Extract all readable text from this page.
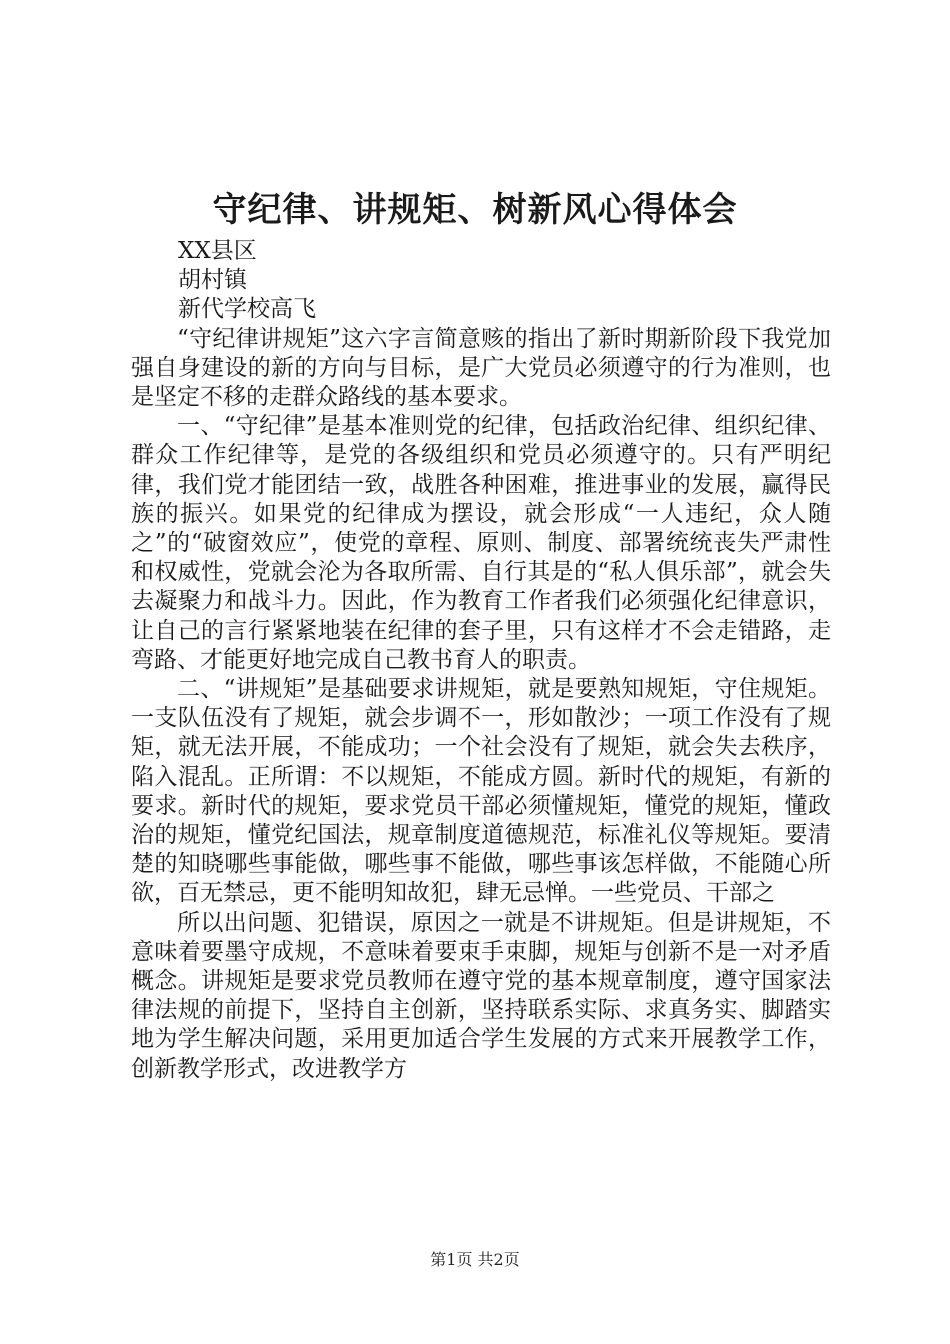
守纪律、讲规矩、树新风心得体会
XX县区
胡村镇
新代学校高飞

“守纪律讲规矩”这六字言简意赅的指出了新时期新阶段下我党加强自身建设的新的方向与目标，是广大党员必须遵守的行为准则，也是坚定不移的走群众路线的基本要求。

一、“守纪律”是基本准则党的纪律，包括政治纪律、组织纪律、群众工作纪律等，是党的各级组织和党员必须遵守的。只有严明纪律，我们党才能团结一致，战胜各种困难，推进事业的发展，赢得民族的振兴。如果党的纪律成为摆设，就会形成“一人违纪，众人随之”的“破窗效应”，使党的章程、原则、制度、部署统统丧失严肃性和权威性，党就会沦为各取所需、自行其是的“私人俱乐部”，就会失去凝聚力和战斗力。因此，作为教育工作者我们必须强化纪律意识，让自己的言行紧紧地装在纪律的套子里，只有这样才不会走错路，走弯路、才能更好地完成自己教书育人的职责。

二、“讲规矩”是基础要求讲规矩，就是要熟知规矩，守住规矩。一支队伍没有了规矩，就会步调不一，形如散沙；一项工作没有了规矩，就无法开展，不能成功；一个社会没有了规矩，就会失去秩序，陷入混乱。正所谓：不以规矩，不能成方圆。新时代的规矩，有新的要求。新时代的规矩，要求党员干部必须懂规矩，懂党的规矩，懂政治的规矩，懂党纪国法，规章制度道德规范，标准礼仪等规矩。要清楚的知晓哪些事能做，哪些事不能做，哪些事该怎样做，不能随心所欲，百无禁忌，更不能明知故犯，肆无忌惮。一些党员、干部之

所以出问题、犯错误，原因之一就是不讲规矩。但是讲规矩，不意味着要墨守成规，不意味着要束手束脚，规矩与创新不是一对矛盾概念。讲规矩是要求党员教师在遵守党的基本规章制度，遵守国家法律法规的前提下，坚持自主创新，坚持联系实际、求真务实、脚踏实地为学生解决问题，采用更加适合学生发展的方式来开展教学工作，创新教学形式，改进教学方

第1页 共2页
